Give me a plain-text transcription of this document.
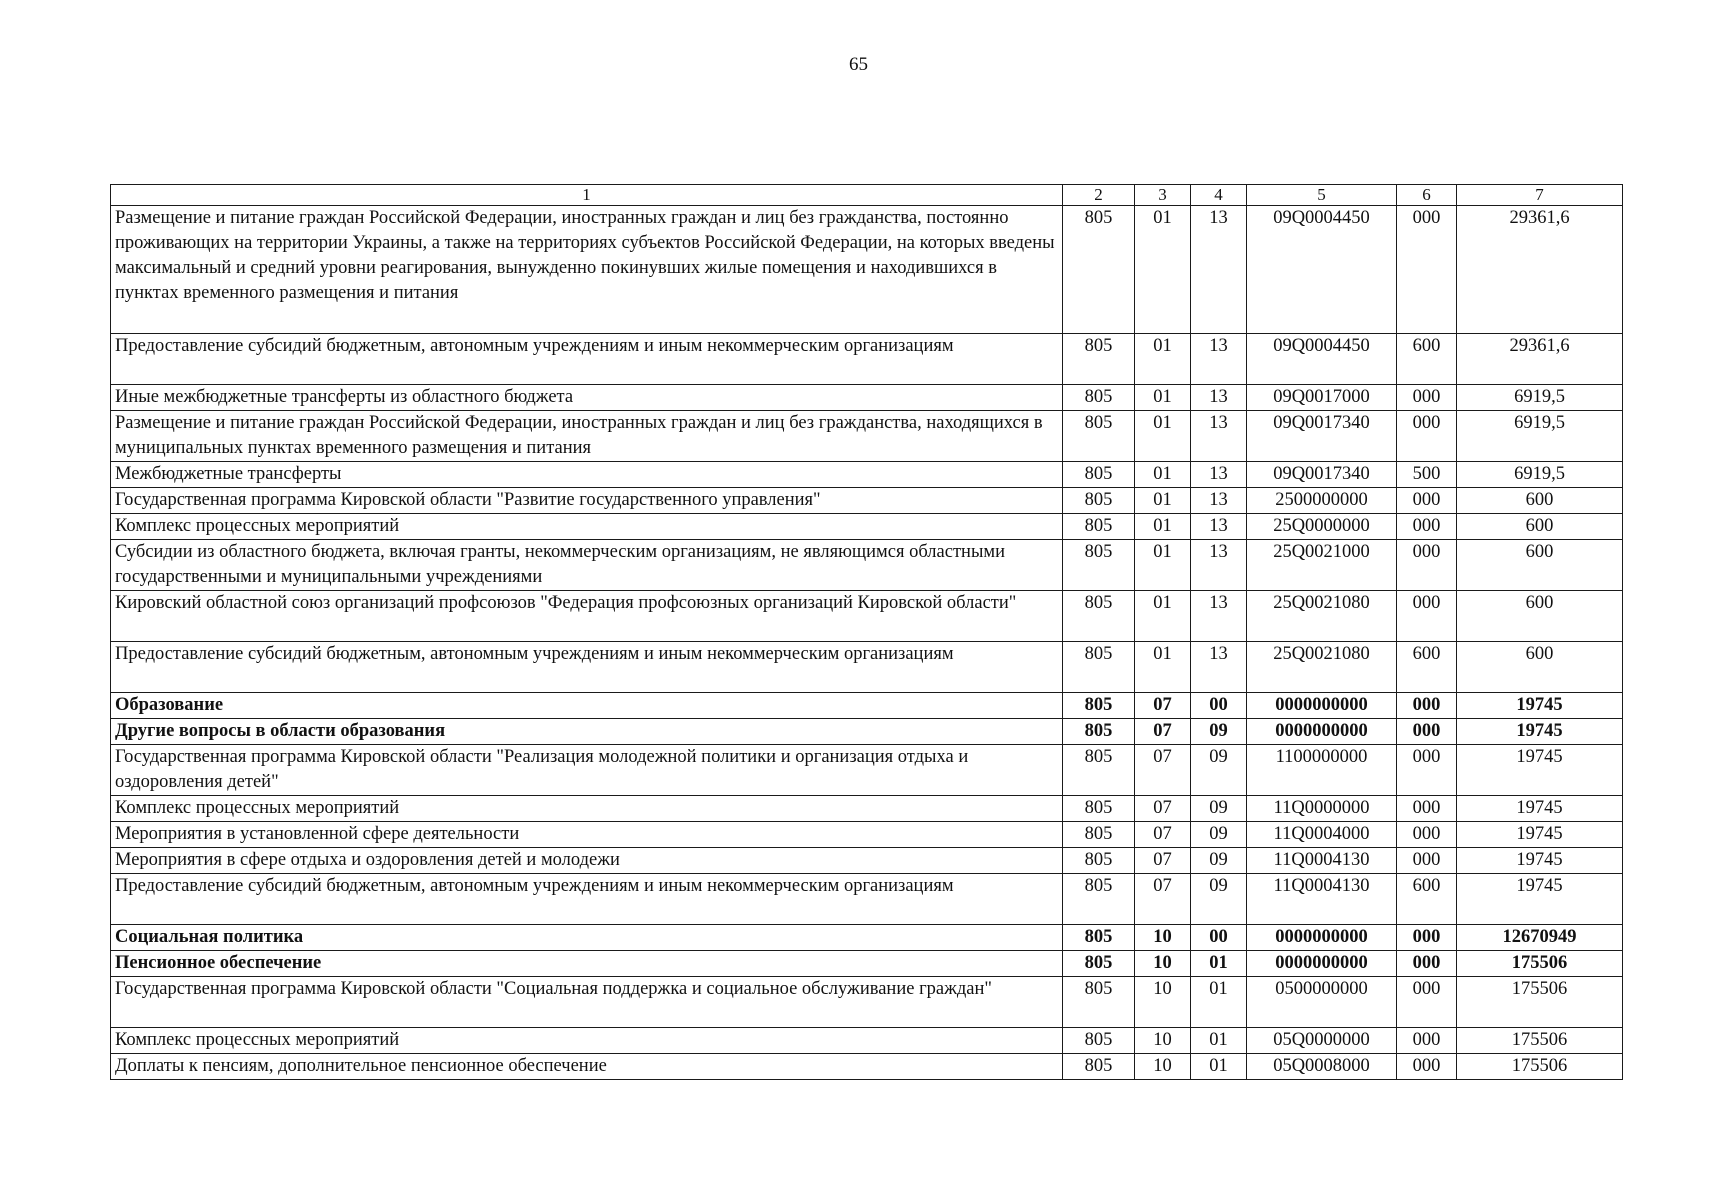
65
1	2	3	4	5	6	7
Размещение и питание граждан Российской Федерации, иностранных граждан и лиц без гражданства, постоянно проживающих на территории Украины, а также на территориях субъектов Российской Федерации, на которых введены максимальный и средний уровни реагирования, вынужденно покинувших жилые помещения и находившихся в пунктах временного размещения и питания	805	01	13	09Q0004450	000	29361,6
Предоставление субсидий бюджетным, автономным учреждениям и иным некоммерческим организациям	805	01	13	09Q0004450	600	29361,6
Иные межбюджетные трансферты из областного бюджета	805	01	13	09Q0017000	000	6919,5
Размещение и питание граждан Российской Федерации, иностранных граждан и лиц без гражданства, находящихся в муниципальных пунктах временного размещения и питания	805	01	13	09Q0017340	000	6919,5
Межбюджетные трансферты	805	01	13	09Q0017340	500	6919,5
Государственная программа Кировской области "Развитие государственного управления"	805	01	13	2500000000	000	600
Комплекс процессных мероприятий	805	01	13	25Q0000000	000	600
Субсидии из областного бюджета, включая гранты, некоммерческим организациям, не являющимся областными государственными и муниципальными учреждениями	805	01	13	25Q0021000	000	600
Кировский областной союз организаций профсоюзов "Федерация профсоюзных организаций Кировской области"	805	01	13	25Q0021080	000	600
Предоставление субсидий бюджетным, автономным учреждениям и иным некоммерческим организациям	805	01	13	25Q0021080	600	600
Образование	805	07	00	0000000000	000	19745
Другие вопросы в области образования	805	07	09	0000000000	000	19745
Государственная программа Кировской области "Реализация молодежной политики и организация отдыха и оздоровления детей"	805	07	09	1100000000	000	19745
Комплекс процессных мероприятий	805	07	09	11Q0000000	000	19745
Мероприятия в установленной сфере деятельности	805	07	09	11Q0004000	000	19745
Мероприятия в сфере отдыха и оздоровления детей и молодежи	805	07	09	11Q0004130	000	19745
Предоставление субсидий бюджетным, автономным учреждениям и иным некоммерческим организациям	805	07	09	11Q0004130	600	19745
Социальная политика	805	10	00	0000000000	000	12670949
Пенсионное обеспечение	805	10	01	0000000000	000	175506
Государственная программа Кировской области "Социальная поддержка и социальное обслуживание граждан"	805	10	01	0500000000	000	175506
Комплекс процессных мероприятий	805	10	01	05Q0000000	000	175506
Доплаты к пенсиям, дополнительное пенсионное обеспечение	805	10	01	05Q0008000	000	175506
